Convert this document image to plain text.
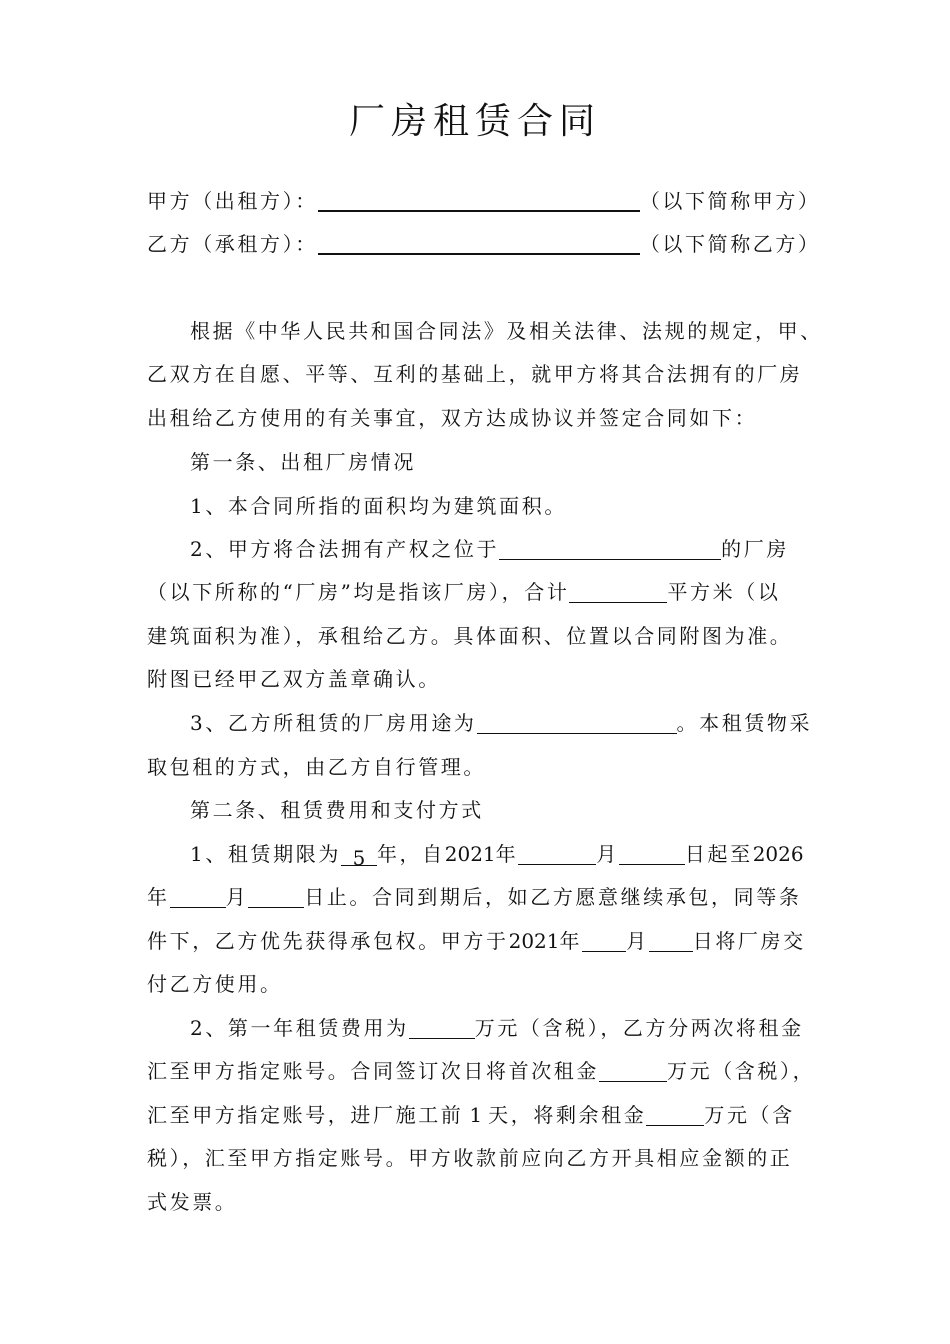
厂房租赁合同
甲方（出租方）：	（以下简称甲方）
乙方（承租方）：	（以下简称乙方）
根据《中华人民共和国合同法》及相关法律、法规的规定，甲、
乙双方在自愿、平等、互利的基础上，就甲方将其合法拥有的厂房
出租给乙方使用的有关事宜，双方达成协议并签定合同如下：
第一条、出租厂房情况
1、本合同所指的面积均为建筑面积。
2、甲方将合法拥有产权之位于	的厂房
（以下所称的“厂房”均是指该厂房），合计	平方米（以
建筑面积为准），承租给乙方。具体面积、位置以合同附图为准。
附图已经甲乙双方盖章确认。
3、乙方所租赁的厂房用途为	。本租赁物采
取包租的方式，由乙方自行管理。
第二条、租赁费用和支付方式
1、租赁期限为 5 年，自2021年	月	日起至2026
年	月	日止。合同到期后，如乙方愿意继续承包，同等条
件下，乙方优先获得承包权。甲方于2021年 月 日将厂房交
付乙方使用。
2、第一年租赁费用为	万元（含税），乙方分两次将租金
汇至甲方指定账号。合同签订次日将首次租金	万元（含税），
汇至甲方指定账号，进厂施工前 1 天，将剩余租金	万元（含
税），汇至甲方指定账号。甲方收款前应向乙方开具相应金额的正
式发票。
